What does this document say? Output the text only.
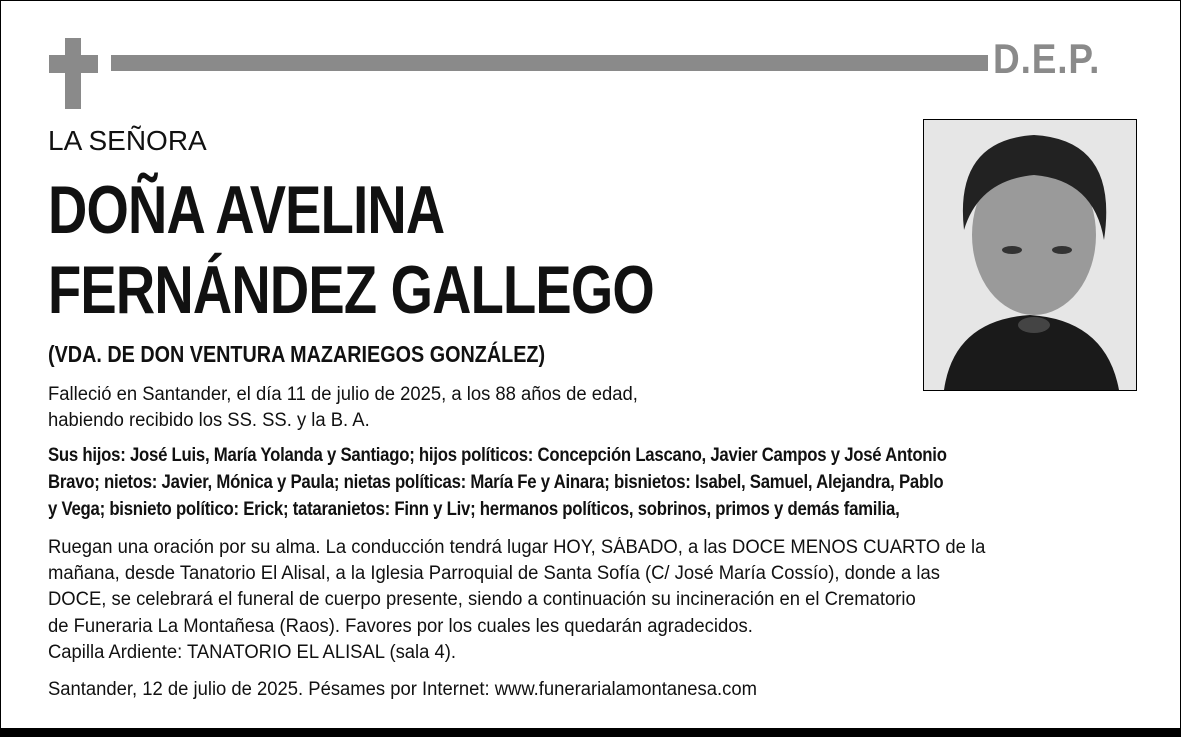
D.E.P.
LA SEÑORA
DOÑA AVELINA
FERNÁNDEZ GALLEGO
(VDA. DE DON VENTURA MAZARIEGOS GONZÁLEZ)
Falleció en Santander, el día 11 de julio de 2025, a los 88 años de edad,
habiendo recibido los SS. SS. y la B. A.
Sus hijos: José Luis, María Yolanda y Santiago; hijos políticos: Concepción Lascano, Javier Campos y José Antonio
Bravo; nietos: Javier, Mónica y Paula; nietas políticas: María Fe y Ainara; bisnietos: Isabel, Samuel, Alejandra, Pablo
y Vega; bisnieto político: Erick; tataranietos: Finn y Liv; hermanos políticos, sobrinos, primos y demás familia,
Ruegan una oración por su alma. La conducción tendrá lugar HOY, SÁBADO, a las DOCE MENOS CUARTO de la
mañana, desde Tanatorio El Alisal, a la Iglesia Parroquial de Santa Sofía (C/ José María Cossío), donde a las
DOCE, se celebrará el funeral de cuerpo presente, siendo a continuación su incineración en el Crematorio
de Funeraria La Montañesa (Raos). Favores por los cuales les quedarán agradecidos.
Capilla Ardiente: TANATORIO EL ALISAL (sala 4).
Santander, 12 de julio de 2025. Pésames por Internet: www.funerarialamontanesa.com
